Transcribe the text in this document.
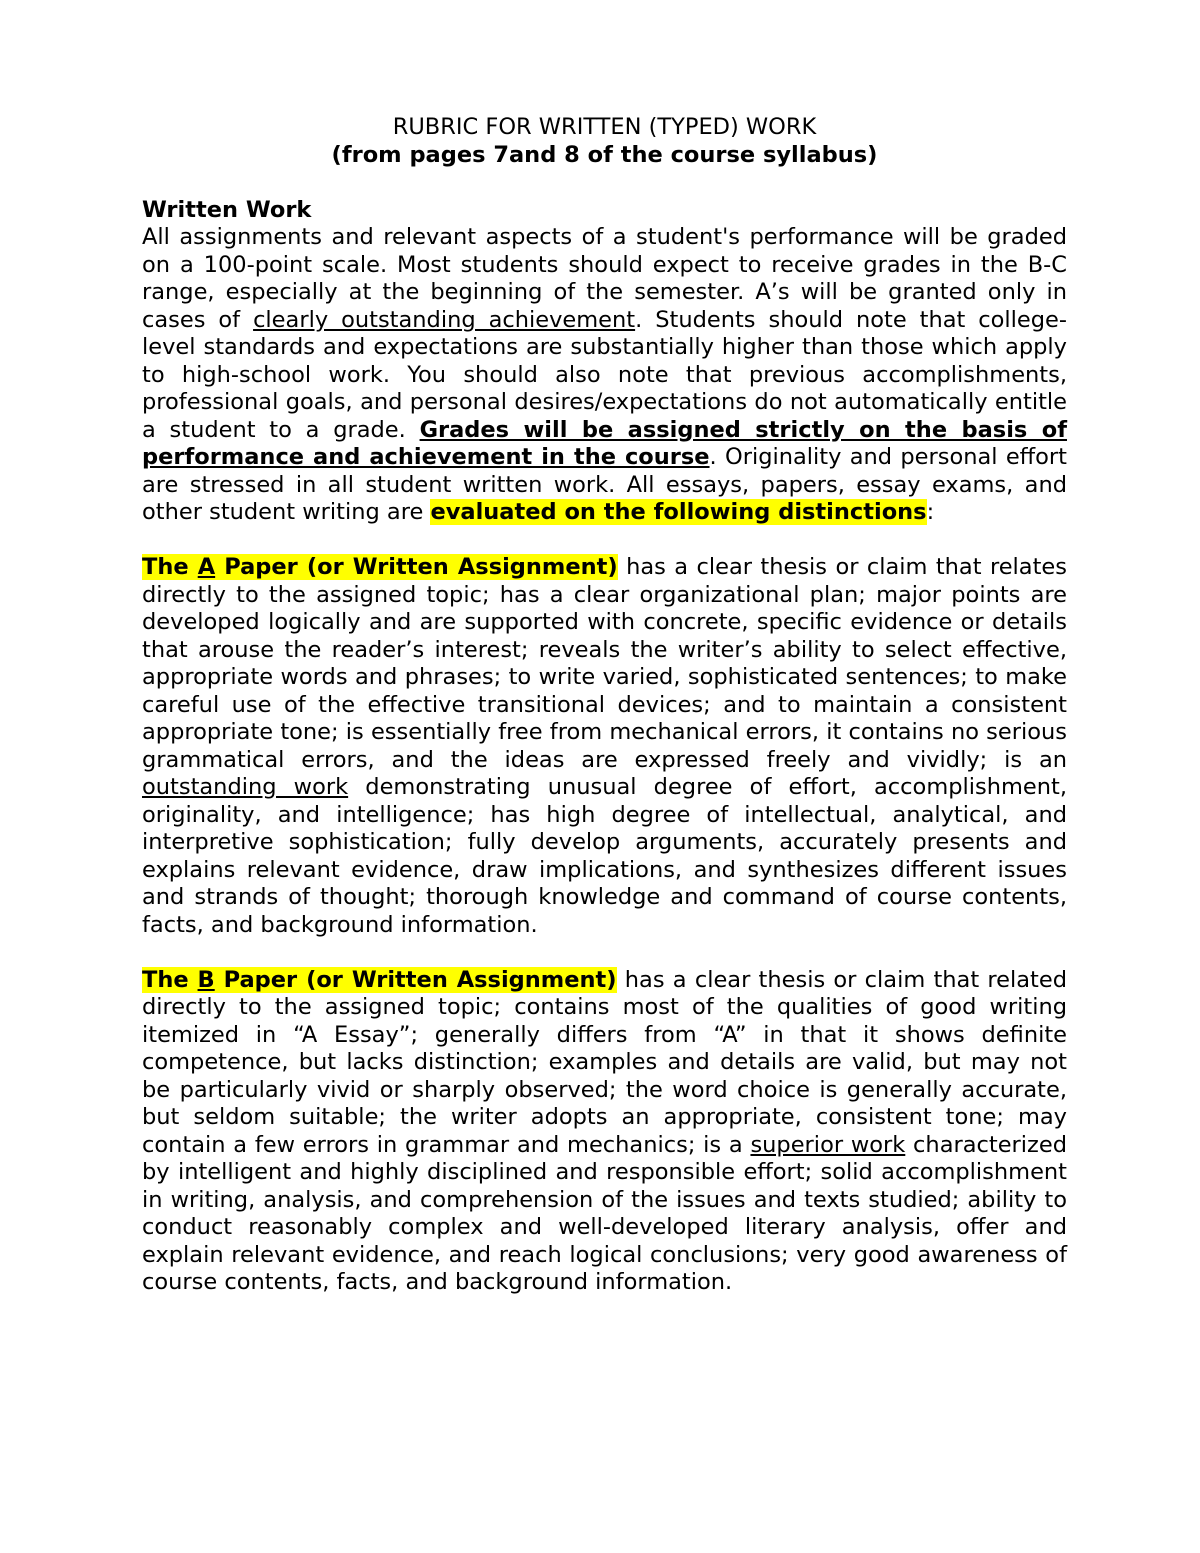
RUBRIC FOR WRITTEN (TYPED) WORK

(from pages 7and 8 of the course syllabus)

Written Work

All assignments and relevant aspects of a student's performance will be graded on a 100-point scale. Most students should expect to receive grades in the B-C range, especially at the beginning of the semester. A’s will be granted only in cases of clearly outstanding achievement. Students should note that college-level standards and expectations are substantially higher than those which apply to high-school work. You should also note that previous accomplishments, professional goals, and personal desires/expectations do not automatically entitle a student to a grade. Grades will be assigned strictly on the basis of performance and achievement in the course. Originality and personal effort are stressed in all student written work. All essays, papers, essay exams, and other student writing are evaluated on the following distinctions:

The A Paper (or Written Assignment) has a clear thesis or claim that relates directly to the assigned topic; has a clear organizational plan; major points are developed logically and are supported with concrete, specific evidence or details that arouse the reader’s interest; reveals the writer’s ability to select effective, appropriate words and phrases; to write varied, sophisticated sentences; to make careful use of the effective transitional devices; and to maintain a consistent appropriate tone; is essentially free from mechanical errors, it contains no serious grammatical errors, and the ideas are expressed freely and vividly; is an outstanding work demonstrating unusual degree of effort, accomplishment, originality, and intelligence; has high degree of intellectual, analytical, and interpretive sophistication; fully develop arguments, accurately presents and explains relevant evidence, draw implications, and synthesizes different issues and strands of thought; thorough knowledge and command of course contents, facts, and background information.

The B Paper (or Written Assignment) has a clear thesis or claim that related directly to the assigned topic; contains most of the qualities of good writing itemized in “A Essay”; generally differs from “A” in that it shows definite competence, but lacks distinction; examples and details are valid, but may not be particularly vivid or sharply observed; the word choice is generally accurate, but seldom suitable; the writer adopts an appropriate, consistent tone; may contain a few errors in grammar and mechanics; is a superior work characterized by intelligent and highly disciplined and responsible effort; solid accomplishment in writing, analysis, and comprehension of the issues and texts studied; ability to conduct reasonably complex and well-developed literary analysis, offer and explain relevant evidence, and reach logical conclusions; very good awareness of course contents, facts, and background information.
